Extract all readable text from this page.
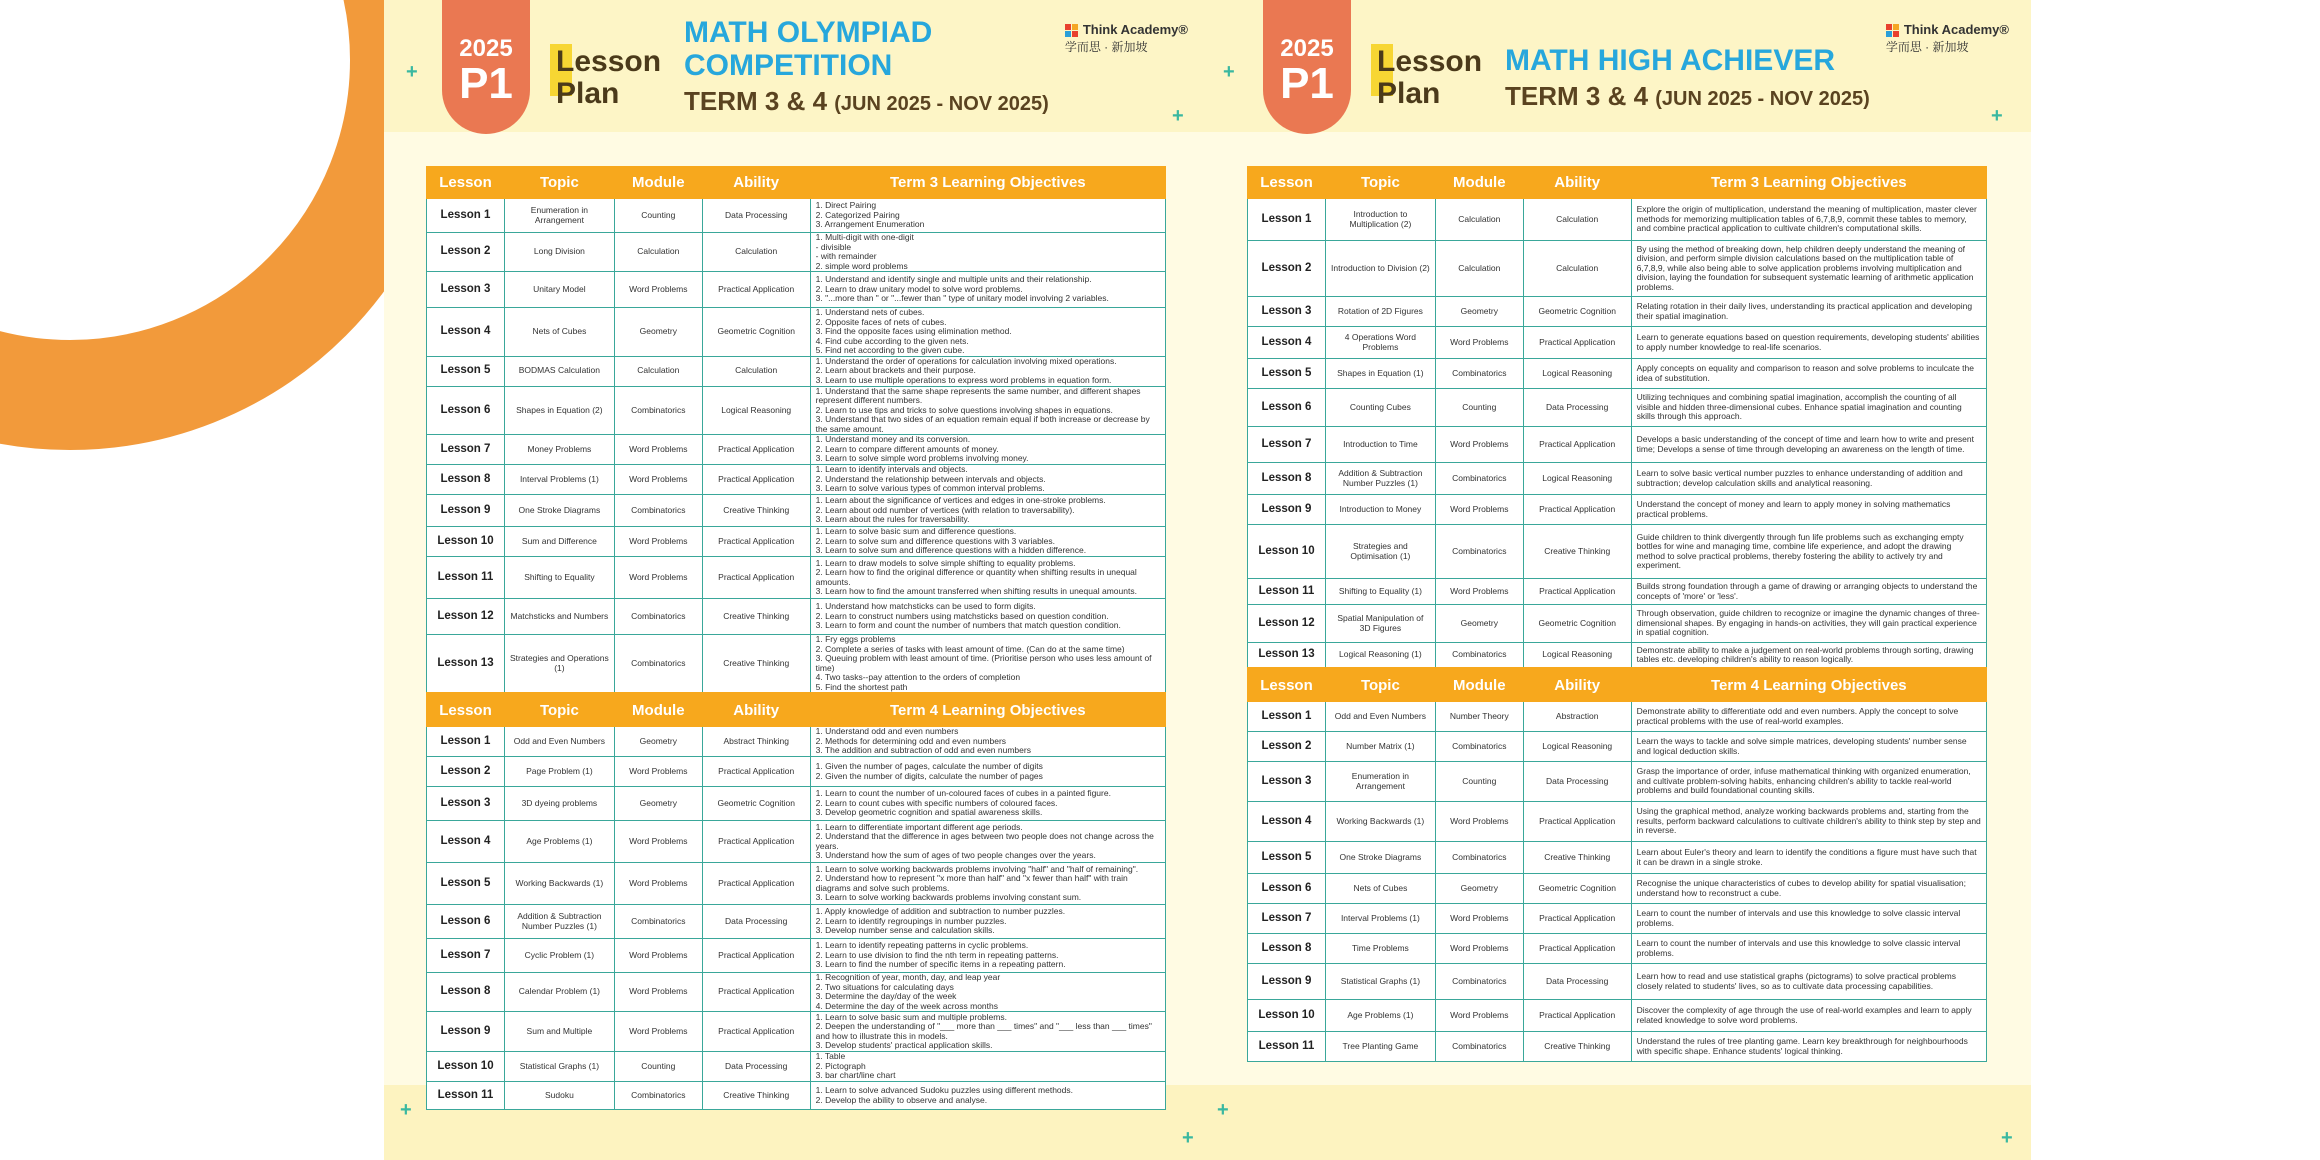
2025
P1	Lesson
Plan
MATH OLYMPIAD
COMPETITION
TERM 3 & 4 (JUN 2025 - NOV 2025)
Think Academy®
学而思 · 新加坡
+
+
+
+
Lesson	Topic	Module	Ability	Term 3 Learning Objectives
Lesson 1	Enumeration in Arrangement	Counting	Data Processing	1. Direct Pairing
2. Categorized Pairing
3. Arrangement Enumeration

Lesson 2	Long Division	Calculation	Calculation	1. Multi-digit with one-digit
- divisible
- with remainder
2. simple word problems

Lesson 3	Unitary Model	Word Problems	Practical Application	1. Understand and identify single and multiple units and their relationship.
2. Learn to draw unitary model to solve word problems.
3. "...more than " or "...fewer than " type of unitary model involving 2 variables.

Lesson 4	Nets of Cubes	Geometry	Geometric Cognition	1. Understand nets of cubes.
2. Opposite faces of nets of cubes.
3. Find the opposite faces using elimination method.
4. Find cube according to the given nets.
5. Find net according to the given cube.

Lesson 5	BODMAS Calculation	Calculation	Calculation	1. Understand the order of operations for calculation involving mixed operations.
2. Learn about brackets and their purpose.
3. Learn to use multiple operations to express word problems in equation form.

Lesson 6	Shapes in Equation (2)	Combinatorics	Logical Reasoning	1. Understand that the same shape represents the same number, and different shapes represent different numbers.
2. Learn to use tips and tricks to solve questions involving shapes in equations.
3. Understand that two sides of an equation remain equal if both increase or decrease by the same amount.

Lesson 7	Money Problems	Word Problems	Practical Application	1. Understand money and its conversion.
2. Learn to compare different amounts of money.
3. Learn to solve simple word problems involving money.

Lesson 8	Interval Problems (1)	Word Problems	Practical Application	1. Learn to identify intervals and objects.
2. Understand the relationship between intervals and objects.
3. Learn to solve various types of common interval problems.

Lesson 9	One Stroke Diagrams	Combinatorics	Creative Thinking	1. Learn about the significance of vertices and edges in one-stroke problems.
2. Learn about odd number of vertices (with relation to traversability).
3. Learn about the rules for traversability.

Lesson 10	Sum and Difference	Word Problems	Practical Application	1. Learn to solve basic sum and difference questions.
2. Learn to solve sum and difference questions with 3 variables.
3. Learn to solve sum and difference questions with a hidden difference.

Lesson 11	Shifting to Equality	Word Problems	Practical Application	1. Learn to draw models to solve simple shifting to equality problems.
2. Learn how to find the original difference or quantity when shifting results in unequal amounts.
3. Learn how to find the amount transferred when shifting results in unequal amounts.

Lesson 12	Matchsticks and Numbers	Combinatorics	Creative Thinking	1. Understand how matchsticks can be used to form digits.
2. Learn to construct numbers using matchsticks based on question condition.
3. Learn to form and count the number of numbers that match question condition.

Lesson 13	Strategies and Operations (1)	Combinatorics	Creative Thinking	1. Fry eggs problems
2. Complete a series of tasks with least amount of time. (Can do at the same time)
3. Queuing problem with least amount of time. (Prioritise person who uses less amount of time)
4. Two tasks--pay attention to the orders of completion
5. Find the shortest path

Lesson	Topic	Module	Ability	Term 4 Learning Objectives
Lesson 1	Odd and Even Numbers	Geometry	Abstract Thinking	1. Understand odd and even numbers
2. Methods for determining odd and even numbers
3. The addition and subtraction of odd and even numbers

Lesson 2	Page Problem (1)	Word Problems	Practical Application	1. Given the number of pages, calculate the number of digits
2. Given the number of digits, calculate the number of pages

Lesson 3	3D dyeing problems	Geometry	Geometric Cognition	1. Learn to count the number of un-coloured faces of cubes in a painted figure.
2. Learn to count cubes with specific numbers of coloured faces.
3. Develop geometric cognition and spatial awareness skills.

Lesson 4	Age Problems (1)	Word Problems	Practical Application	1. Learn to differentiate important different age periods.
2. Understand that the difference in ages between two people does not change across the years.
3. Understand how the sum of ages of two people changes over the years.

Lesson 5	Working Backwards (1)	Word Problems	Practical Application	1. Learn to solve working backwards problems involving "half" and "half of remaining".
2. Understand how to represent "x more than half" and "x fewer than half" with train diagrams and solve such problems.
3. Learn to solve working backwards problems involving constant sum.

Lesson 6	Addition & Subtraction Number Puzzles (1)	Combinatorics	Data Processing	1. Apply knowledge of addition and subtraction to number puzzles.
2. Learn to identify regroupings in number puzzles.
3. Develop number sense and calculation skills.

Lesson 7	Cyclic Problem (1)	Word Problems	Practical Application	1. Learn to identify repeating patterns in cyclic problems.
2. Learn to use division to find the nth term in repeating patterns.
3. Learn to find the number of specific items in a repeating pattern.

Lesson 8	Calendar Problem (1)	Word Problems	Practical Application	1. Recognition of year, month, day, and leap year
2. Two situations for calculating days
3. Determine the day/day of the week
4. Determine the day of the week across months

Lesson 9	Sum and Multiple	Word Problems	Practical Application	1. Learn to solve basic sum and multiple problems.
2. Deepen the understanding of "___ more than ___ times" and "___ less than ___ times" and how to illustrate this in models.
3. Develop students' practical application skills.

Lesson 10	Statistical Graphs (1)	Counting	Data Processing	1. Table
2. Pictograph
3. bar chart/line chart

Lesson 11	Sudoku	Combinatorics	Creative Thinking	1. Learn to solve advanced Sudoku puzzles using different methods.
2. Develop the ability to observe and analyse.
2025
P1	Lesson
Plan
MATH HIGH ACHIEVER
TERM 3 & 4 (JUN 2025 - NOV 2025)
Think Academy®
学而思 · 新加坡
+
+
+
+
Lesson	Topic	Module	Ability	Term 3 Learning Objectives
Lesson 1	Introduction to Multiplication (2)	Calculation	Calculation	Explore the origin of multiplication, understand the meaning of multiplication, master clever methods for memorizing multiplication tables of 6,7,8,9, commit these tables to memory, and combine practical application to cultivate children's computational skills.

Lesson 2	Introduction to Division (2)	Calculation	Calculation	By using the method of breaking down, help children deeply understand the meaning of division, and perform simple division calculations based on the multiplication table of 6,7,8,9, while also being able to solve application problems involving multiplication and division, laying the foundation for subsequent systematic learning of arithmetic application problems.

Lesson 3	Rotation of 2D Figures	Geometry	Geometric Cognition	Relating rotation in their daily lives, understanding its practical application and developing their spatial imagination.

Lesson 4	4 Operations Word Problems	Word Problems	Practical Application	Learn to generate equations based on question requirements, developing students' abilities to apply number knowledge to real-life scenarios.

Lesson 5	Shapes in Equation (1)	Combinatorics	Logical Reasoning	Apply concepts on equality and comparison to reason and solve problems to inculcate the idea of substitution.

Lesson 6	Counting Cubes	Counting	Data Processing	Utilizing techniques and combining spatial imagination, accomplish the counting of all visible and hidden three-dimensional cubes. Enhance spatial imagination and counting skills through this approach.

Lesson 7	Introduction to Time	Word Problems	Practical Application	Develops a basic understanding of the concept of time and learn how to write and present time; Develops a sense of time through developing an awareness on the length of time.

Lesson 8	Addition & Subtraction Number Puzzles (1)	Combinatorics	Logical Reasoning	Learn to solve basic vertical number puzzles to enhance understanding of addition and subtraction; develop calculation skills and analytical reasoning.

Lesson 9	Introduction to Money	Word Problems	Practical Application	Understand the concept of money and learn to apply money in solving mathematics practical problems.

Lesson 10	Strategies and Optimisation (1)	Combinatorics	Creative Thinking	Guide children to think divergently through fun life problems such as exchanging empty bottles for wine and managing time, combine life experience, and adopt the drawing method to solve practical problems, thereby fostering the ability to actively try and experiment.

Lesson 11	Shifting to Equality (1)	Word Problems	Practical Application	Builds strong foundation through a game of drawing or arranging objects to understand the concepts of 'more' or 'less'.

Lesson 12	Spatial Manipulation of 3D Figures	Geometry	Geometric Cognition	Through observation, guide children to recognize or imagine the dynamic changes of three-dimensional shapes. By engaging in hands-on activities, they will gain practical experience in spatial cognition.

Lesson 13	Logical Reasoning (1)	Combinatorics	Logical Reasoning	Demonstrate ability to make a judgement on real-world problems through sorting, drawing tables etc. developing children's ability to reason logically.

Lesson	Topic	Module	Ability	Term 4 Learning Objectives
Lesson 1	Odd and Even Numbers	Number Theory	Abstraction	Demonstrate ability to differentiate odd and even numbers. Apply the concept to solve practical problems with the use of real-world examples.

Lesson 2	Number Matrix (1)	Combinatorics	Logical Reasoning	Learn the ways to tackle and solve simple matrices, developing students' number sense and logical deduction skills.

Lesson 3	Enumeration in Arrangement	Counting	Data Processing	Grasp the importance of order, infuse mathematical thinking with organized enumeration, and cultivate problem-solving habits, enhancing children's ability to tackle real-world problems and build foundational counting skills.

Lesson 4	Working Backwards (1)	Word Problems	Practical Application	Using the graphical method, analyze working backwards problems and, starting from the results, perform backward calculations to cultivate children's ability to think step by step and in reverse.

Lesson 5	One Stroke Diagrams	Combinatorics	Creative Thinking	Learn about Euler's theory and learn to identify the conditions a figure must have such that it can be drawn in a single stroke.

Lesson 6	Nets of Cubes	Geometry	Geometric Cognition	Recognise the unique characteristics of cubes to develop ability for spatial visualisation; understand how to reconstruct a cube.

Lesson 7	Interval Problems (1)	Word Problems	Practical Application	Learn to count the number of intervals and use this knowledge to solve classic interval problems.

Lesson 8	Time Problems	Word Problems	Practical Application	Learn to count the number of intervals and use this knowledge to solve classic interval problems.

Lesson 9	Statistical Graphs (1)	Combinatorics	Data Processing	Learn how to read and use statistical graphs (pictograms) to solve practical problems closely related to students' lives, so as to cultivate data processing capabilities.

Lesson 10	Age Problems (1)	Word Problems	Practical Application	Discover the complexity of age through the use of real-world examples and learn to apply related knowledge to solve word problems.

Lesson 11	Tree Planting Game	Combinatorics	Creative Thinking	Understand the rules of tree planting game. Learn key breakthrough for neighbourhoods with specific shape. Enhance students' logical thinking.
